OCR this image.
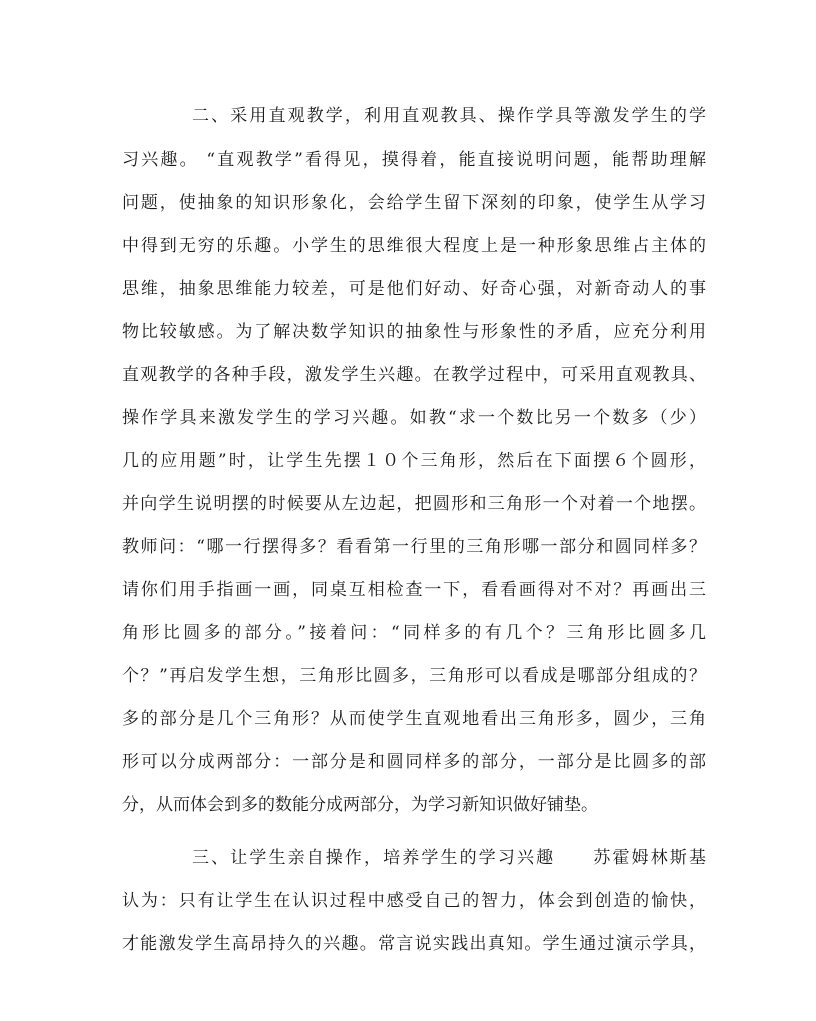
二、采用直观教学，利用直观教具、操作学具等激发学生的学
习兴趣。 “直观教学”看得见，摸得着，能直接说明问题，能帮助理解
问题，使抽象的知识形象化，会给学生留下深刻的印象，使学生从学习
中得到无穷的乐趣。小学生的思维很大程度上是一种形象思维占主体的
思维，抽象思维能力较差，可是他们好动、好奇心强，对新奇动人的事
物比较敏感。为了解决数学知识的抽象性与形象性的矛盾，应充分利用
直观教学的各种手段，激发学生兴趣。在教学过程中，可采用直观教具、
操作学具来激发学生的学习兴趣。如教“求一个数比另一个数多（少）
几的应用题”时，让学生先摆１０个三角形，然后在下面摆６个圆形，
并向学生说明摆的时候要从左边起，把圆形和三角形一个对着一个地摆。
教师问：“哪一行摆得多？看看第一行里的三角形哪一部分和圆同样多？
请你们用手指画一画，同桌互相检查一下，看看画得对不对？再画出三
角形比圆多的部分。”接着问：“同样多的有几个？三角形比圆多几
个？”再启发学生想，三角形比圆多，三角形可以看成是哪部分组成的？
多的部分是几个三角形？从而使学生直观地看出三角形多，圆少，三角
形可以分成两部分：一部分是和圆同样多的部分，一部分是比圆多的部
分，从而体会到多的数能分成两部分，为学习新知识做好铺垫。
三、让学生亲自操作，培养学生的学习兴趣　　苏霍姆林斯基
认为：只有让学生在认识过程中感受自己的智力，体会到创造的愉快，
才能激发学生高昂持久的兴趣。常言说实践出真知。学生通过演示学具，
